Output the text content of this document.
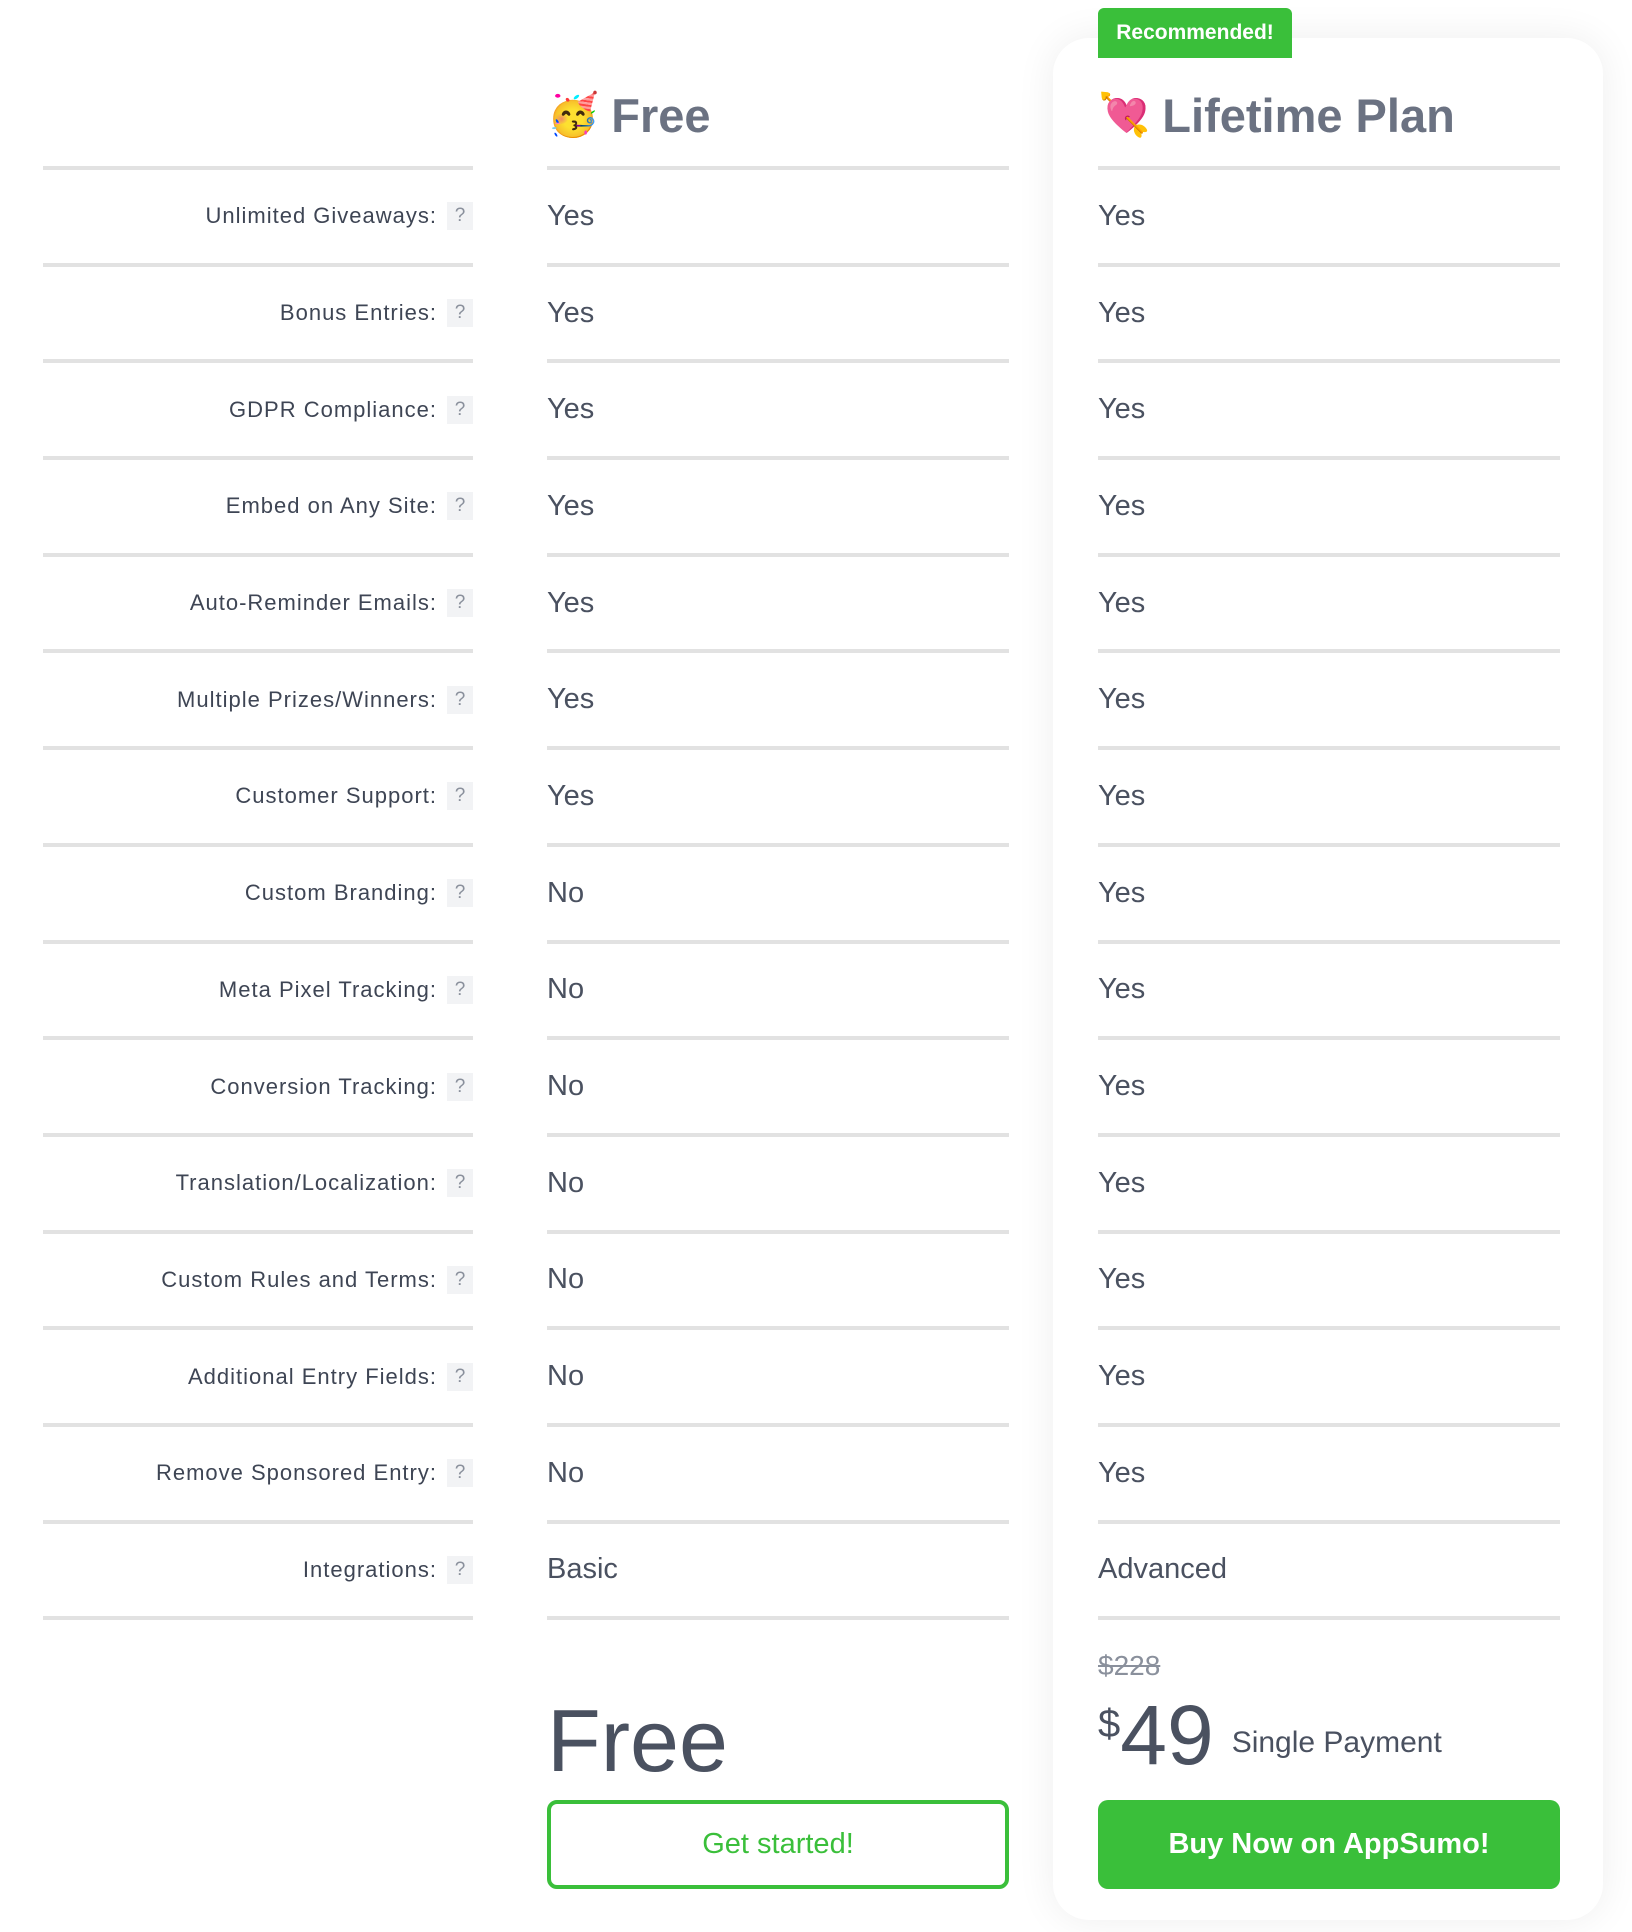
Recommended!
Unlimited Giveaways: ?
Bonus Entries: ?
GDPR Compliance: ?
Embed on Any Site: ?
Auto-Reminder Emails: ?
Multiple Prizes/Winners: ?
Customer Support: ?
Custom Branding: ?
Meta Pixel Tracking: ?
Conversion Tracking: ?
Translation/Localization: ?
Custom Rules and Terms: ?
Additional Entry Fields: ?
Remove Sponsored Entry: ?
Integrations: ?
🥳 Free
Yes
Yes
Yes
Yes
Yes
Yes
Yes
No
No
No
No
No
No
No
Basic
Free
Get started!
💘 Lifetime Plan
Yes
Yes
Yes
Yes
Yes
Yes
Yes
Yes
Yes
Yes
Yes
Yes
Yes
Yes
Advanced
$228
$ 49 Single Payment
Buy Now on AppSumo!
